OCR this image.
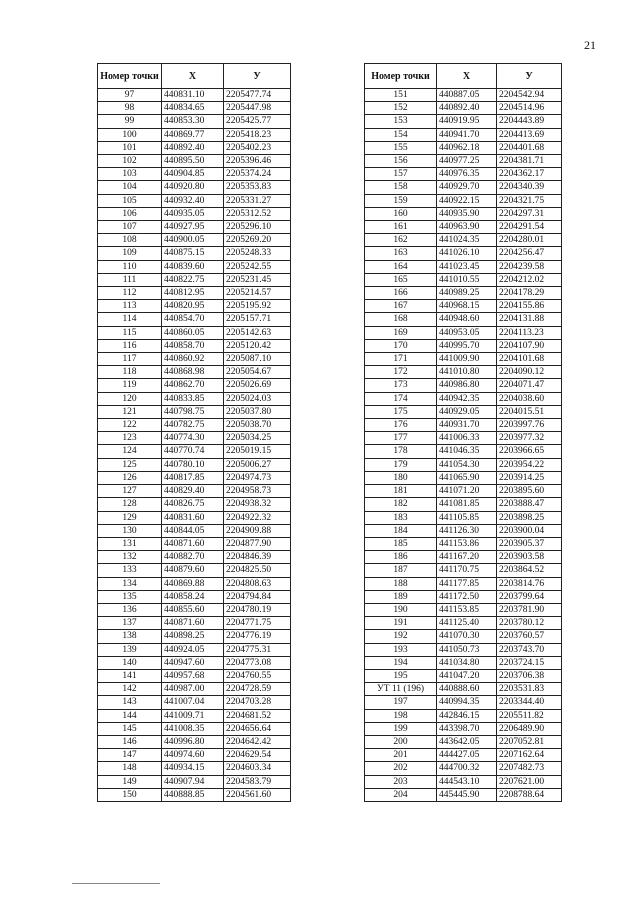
21
Номер точки	Х	У
97	440831.10	2205477.74
98	440834.65	2205447.98
99	440853.30	2205425.77
100	440869.77	2205418.23
101	440892.40	2205402.23
102	440895.50	2205396.46
103	440904.85	2205374.24
104	440920.80	2205353.83
105	440932.40	2205331.27
106	440935.05	2205312.52
107	440927.95	2205296.10
108	440900.05	2205269.20
109	440875.15	2205248.33
110	440839.60	2205242.55
111	440822.75	2205231.45
112	440812.95	2205214.57
113	440820.95	2205195.92
114	440854.70	2205157.71
115	440860.05	2205142.63
116	440858.70	2205120.42
117	440860.92	2205087.10
118	440868.98	2205054.67
119	440862.70	2205026.69
120	440833.85	2205024.03
121	440798.75	2205037.80
122	440782.75	2205038.70
123	440774.30	2205034.25
124	440770.74	2205019.15
125	440780.10	2205006.27
126	440817.85	2204974.73
127	440829.40	2204958.73
128	440826.75	2204938.32
129	440831.60	2204922.32
130	440844.05	2204909.88
131	440871.60	2204877.90
132	440882.70	2204846.39
133	440879.60	2204825.50
134	440869.88	2204808.63
135	440858.24	2204794.84
136	440855.60	2204780.19
137	440871.60	2204771.75
138	440898.25	2204776.19
139	440924.05	2204775.31
140	440947.60	2204773.08
141	440957.68	2204760.55
142	440987.00	2204728.59
143	441007.04	2204703.28
144	441009.71	2204681.52
145	441008.35	2204656.64
146	440996.80	2204642.42
147	440974.60	2204629.54
148	440934.15	2204603.34
149	440907.94	2204583.79
150	440888.85	2204561.60
Номер точки	Х	У
151	440887.05	2204542.94
152	440892.40	2204514.96
153	440919.95	2204443.89
154	440941.70	2204413.69
155	440962.18	2204401.68
156	440977.25	2204381.71
157	440976.35	2204362.17
158	440929.70	2204340.39
159	440922.15	2204321.75
160	440935.90	2204297.31
161	440963.90	2204291.54
162	441024.35	2204280.01
163	441026.10	2204256.47
164	441023.45	2204239.58
165	441010.55	2204212.02
166	440989.25	2204178.29
167	440968.15	2204155.86
168	440948.60	2204131.88
169	440953.05	2204113.23
170	440995.70	2204107.90
171	441009.90	2204101.68
172	441010.80	2204090.12
173	440986.80	2204071.47
174	440942.35	2204038.60
175	440929.05	2204015.51
176	440931.70	2203997.76
177	441006.33	2203977.32
178	441046.35	2203966.65
179	441054.30	2203954.22
180	441065.90	2203914.25
181	441071.20	2203895.60
182	441081.85	2203888.47
183	441105.85	2203898.25
184	441126.30	2203900.04
185	441153.86	2203905.37
186	441167.20	2203903.58
187	441170.75	2203864.52
188	441177.85	2203814.76
189	441172.50	2203799.64
190	441153.85	2203781.90
191	441125.40	2203780.12
192	441070.30	2203760.57
193	441050.73	2203743.70
194	441034.80	2203724.15
195	441047.20	2203706.38
УТ 11 (196)	440888.60	2203531.83
197	440994.35	2203344.40
198	442846.15	2205511.82
199	443398.70	2206489.90
200	443642.05	2207052.81
201	444427.05	2207162.64
202	444700.32	2207482.73
203	444543.10	2207621.00
204	445445.90	2208788.64
